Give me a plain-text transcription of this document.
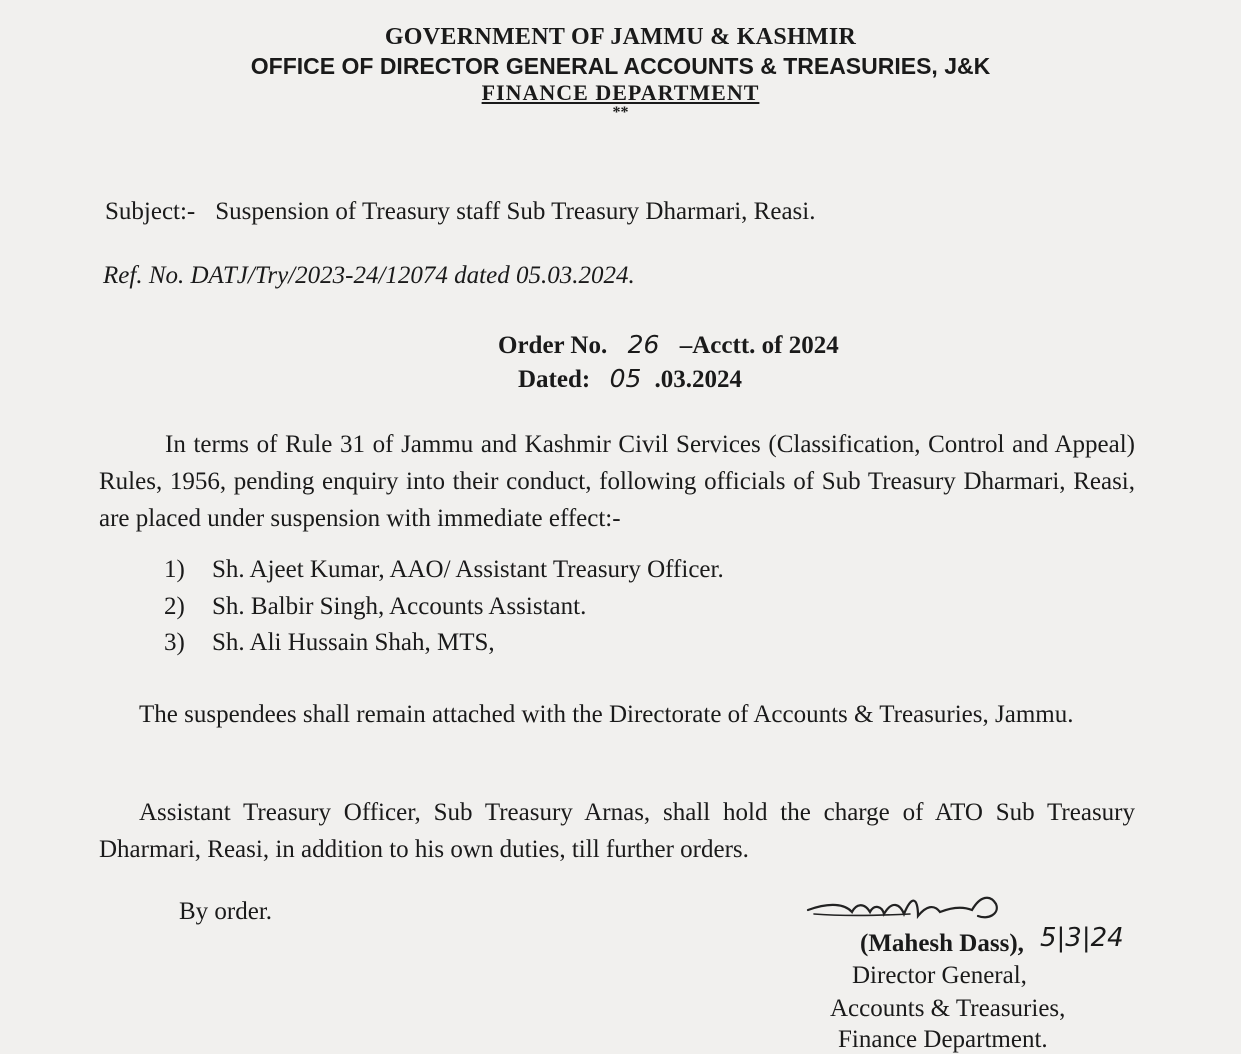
GOVERNMENT OF JAMMU & KASHMIR
OFFICE OF DIRECTOR GENERAL ACCOUNTS & TREASURIES, J&K
FINANCE DEPARTMENT
**
Subject:- Suspension of Treasury staff Sub Treasury Dharmari, Reasi.
Ref. No. DATJ/Try/2023-24/12074 dated 05.03.2024.
Order No. 26 –Acctt. of 2024
Dated: 05 .03.2024
In terms of Rule 31 of Jammu and Kashmir Civil Services (Classification, Control and Appeal) Rules, 1956, pending enquiry into their conduct, following officials of Sub Treasury Dharmari, Reasi, are placed under suspension with immediate effect:-
1) Sh. Ajeet Kumar, AAO/ Assistant Treasury Officer.
2) Sh. Balbir Singh, Accounts Assistant.
3) Sh. Ali Hussain Shah, MTS,
The suspendees shall remain attached with the Directorate of Accounts & Treasuries, Jammu.
Assistant Treasury Officer, Sub Treasury Arnas, shall hold the charge of ATO Sub Treasury Dharmari, Reasi, in addition to his own duties, till further orders.
By order.
5|3|24
(Mahesh Dass),
Director General,
Accounts & Treasuries,
Finance Department.
